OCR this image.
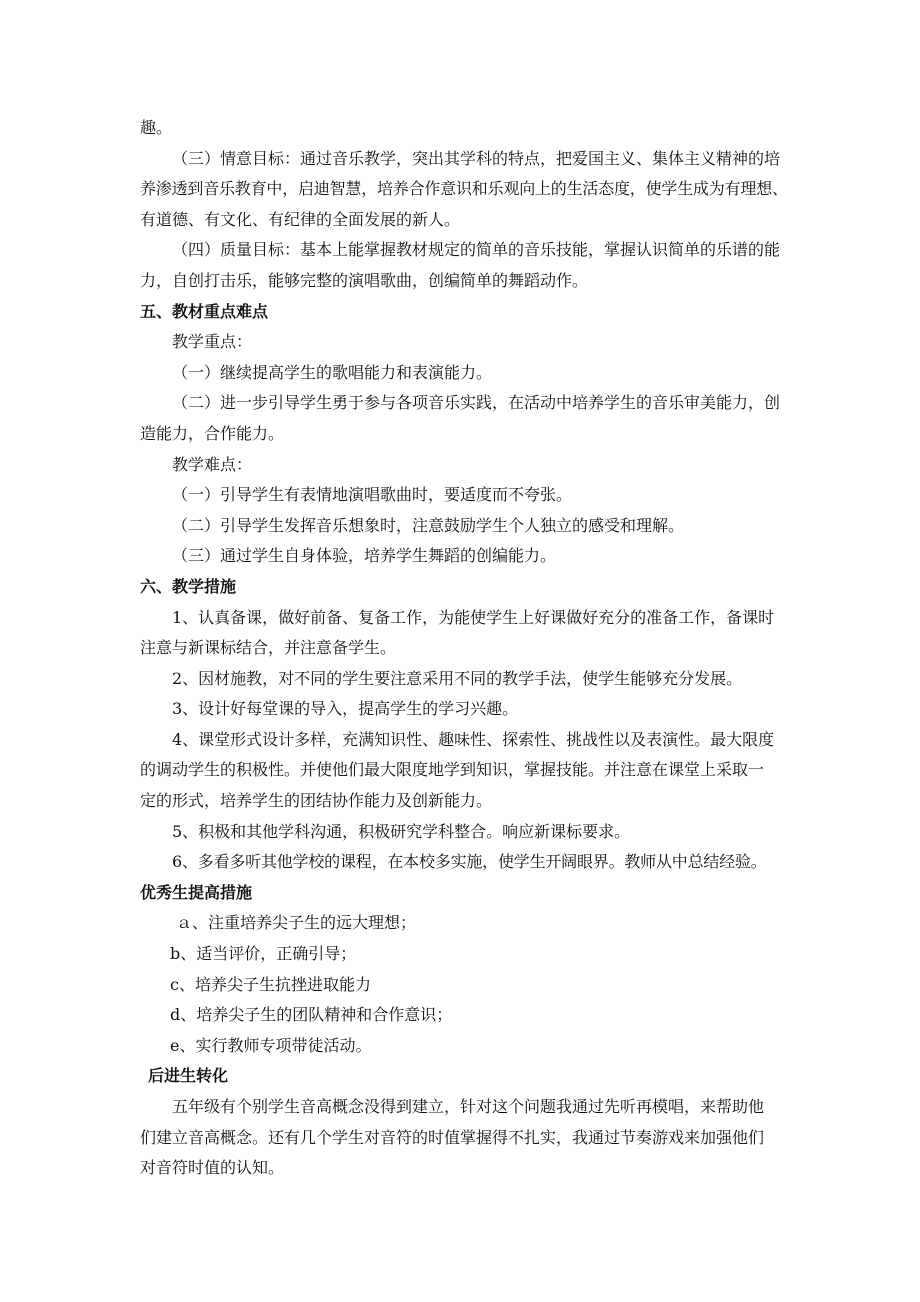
趣。
（三）情意目标：通过音乐教学，突出其学科的特点，把爱国主义、集体主义精神的培
养渗透到音乐教育中，启迪智慧，培养合作意识和乐观向上的生活态度，使学生成为有理想、
有道德、有文化、有纪律的全面发展的新人。
（四）质量目标：基本上能掌握教材规定的简单的音乐技能，掌握认识简单的乐谱的能
力，自创打击乐，能够完整的演唱歌曲，创编简单的舞蹈动作。
五、教材重点难点
教学重点：
（一）继续提高学生的歌唱能力和表演能力。
（二）进一步引导学生勇于参与各项音乐实践，在活动中培养学生的音乐审美能力，创
造能力，合作能力。
教学难点：
（一）引导学生有表情地演唱歌曲时，要适度而不夸张。
（二）引导学生发挥音乐想象时，注意鼓励学生个人独立的感受和理解。
（三）通过学生自身体验，培养学生舞蹈的创编能力。
六、教学措施
1、认真备课，做好前备、复备工作，为能使学生上好课做好充分的准备工作，备课时
注意与新课标结合，并注意备学生。
2、因材施教，对不同的学生要注意采用不同的教学手法，使学生能够充分发展。
3、设计好每堂课的导入，提高学生的学习兴趣。
4、课堂形式设计多样，充满知识性、趣味性、探索性、挑战性以及表演性。最大限度
的调动学生的积极性。并使他们最大限度地学到知识，掌握技能。并注意在课堂上采取一
定的形式，培养学生的团结协作能力及创新能力。
5、积极和其他学科沟通，积极研究学科整合。响应新课标要求。
6、多看多听其他学校的课程，在本校多实施，使学生开阔眼界。教师从中总结经验。
优秀生提高措施
ａ、注重培养尖子生的远大理想；
b、适当评价，正确引导；
c、培养尖子生抗挫进取能力
d、培养尖子生的团队精神和合作意识；
e、实行教师专项带徒活动。
后进生转化
五年级有个别学生音高概念没得到建立，针对这个问题我通过先听再模唱，来帮助他
们建立音高概念。还有几个学生对音符的时值掌握得不扎实，我通过节奏游戏来加强他们
对音符时值的认知。
